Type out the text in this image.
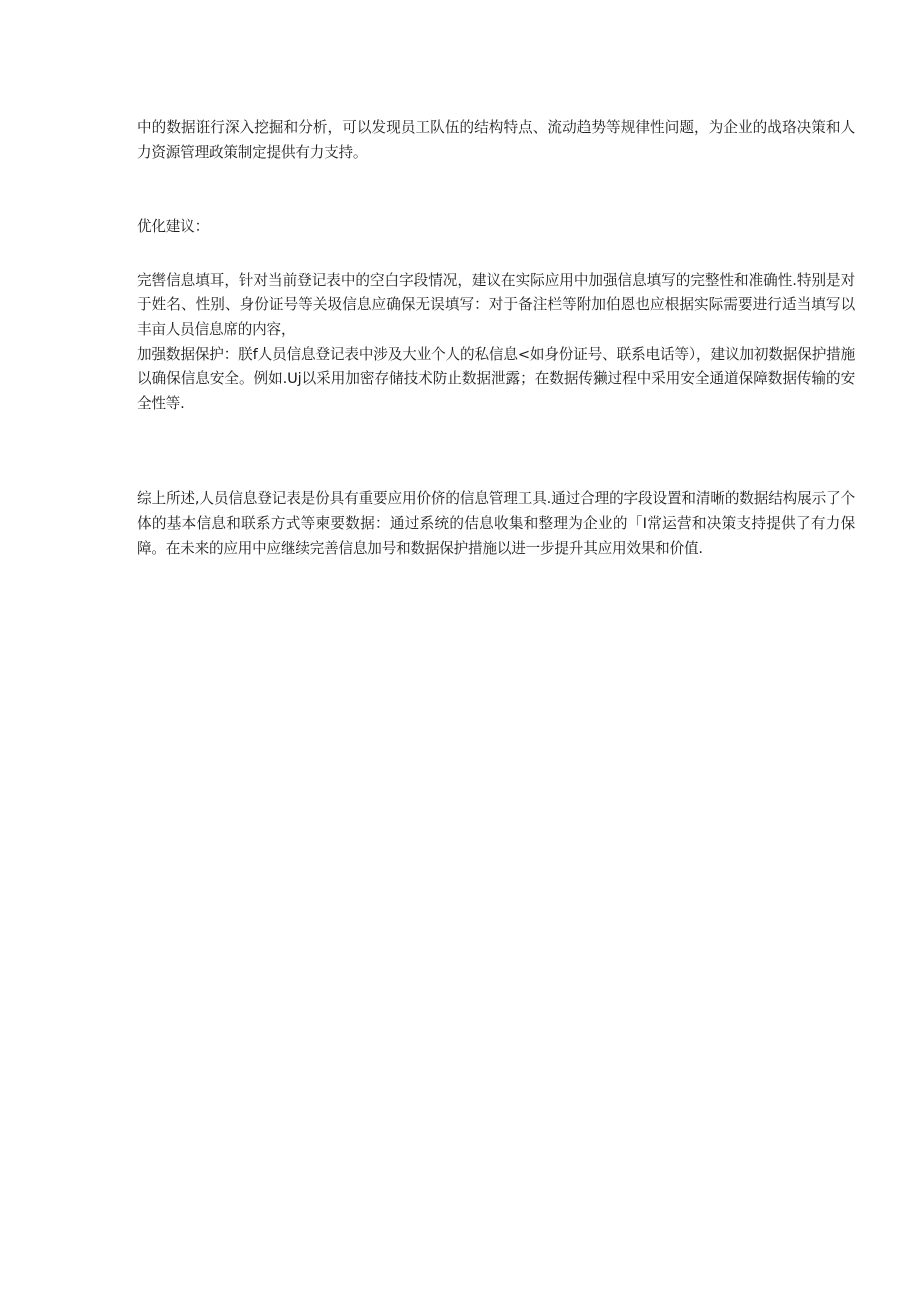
中的数据诳行深入挖掘和分析，可以发现员工队伍的结构特点、流动趋势等规律性问题，为企业的战珞决策和人力资源管理政策制定提供有力支持。

优化建议：

完辔信息填耳，针对当前登记表中的空白字段情况，建议在实际应用中加强信息填写的完整性和准确性.特别是对于姓名、性别、身份证号等关圾信息应确保无误填写：对于备注栏等附加伯恩也应根据实际需要进行适当填写以丰亩人员信息席的内容，

加强数据保护：朕f人员信息登记表中涉及大业个人的私信息<如身份证号、联系电话等），建议加初数据保护措施以确保信息安全。例如.Uj以采用加密存储技术防止数据泄露；在数据传獭过程中采用安全通道保障数据传输的安全性等.

综上所述,人员信息登记表是份具有重要应用价侪的信息管理工具.通过合理的字段设置和清晰的数据结构展示了个体的基本信息和联系方式等柬要数据：通过系统的佶息收集和整理为企业的「I常运营和决策支持提供了有力保障。在未来的应用中应继续完善信息加号和数据保护措施以进一步提升其应用效果和价值.
